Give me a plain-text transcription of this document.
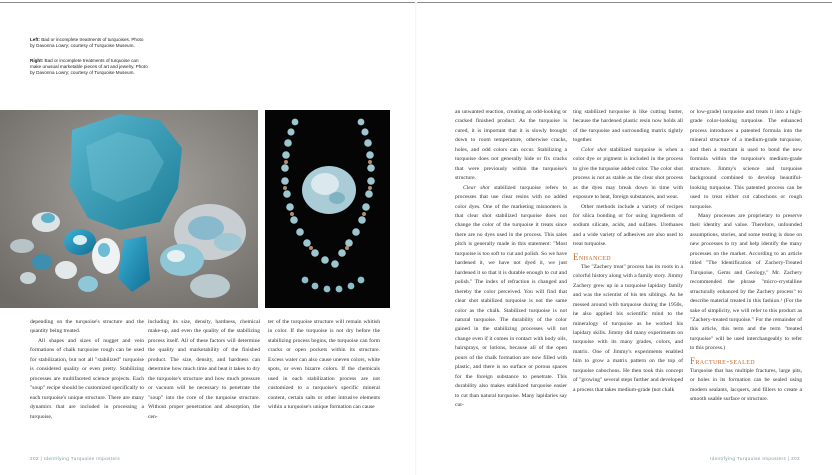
Left: Bad or incomplete treatments of turquoises. Photo by Davonna Lowry; courtesy of Turquoise Museum.
Right: Bad or incomplete treatments of turquoise can make unusual marketable pieces of art and jewelry. Photo by Davonna Lowry; courtesy of Turquoise Museum.

depending on the turquoise's structure and the quantity being treated.

All shapes and sizes of nugget and vein formations of chalk turquoise rough can be used for stabilization, but not all "stabilized" turquoise is considered quality or even pretty. Stabilizing processes are multifaceted science projects. Each "soup" recipe should be customized specifically to each turquoise's unique structure. There are many dynamics that are included in processing a turquoise,

including its size, density, hardness, chemical make-up, and even the quality of the stabilizing process itself. All of these factors will determine the quality and marketability of the finished product. The size, density, and hardness can determine how much time and heat it takes to dry the turquoise's structure and how much pressure or vacuum will be necessary to penetrate the "soup" into the core of the turquoise structure. Without proper penetration and absorption, the cen-

ter of the turquoise structure will remain whitish in color. If the turquoise is not dry before the stabilizing process begins, the turquoise can form cracks or open pockets within its structure. Excess water can also cause uneven colors, white spots, or even bizarre colors. If the chemicals used in each stabilization process are not customized to a turquoise's specific mineral content, certain salts or other intrusive elements within a turquoise's unique formation can cause

an unwanted reaction, creating an odd-looking or cracked finished product. As the turquoise is cured, it is important that it is slowly brought down to room temperature, otherwise cracks, holes, and odd colors can occur. Stabilizing a turquoise does not generally hide or fix cracks that were previously within the turquoise's structure.

Clear shot stabilized turquoise refers to processes that use clear resins with no added color dyes. One of the marketing misnomers is that clear shot stabilized turquoise does not change the color of the turquoise it treats since there are no dyes used in the process. This sales pitch is generally made in this statement: "Most turquoise is too soft to cut and polish. So we have hardened it, we have not dyed it, we just hardened it so that it is durable enough to cut and polish." The index of refraction is changed and thereby the color perceived. You will find that clear shot stabilized turquoise is not the same color as the chalk. Stabilized turquoise is not natural turquoise. The durability of the color gained in the stabilizing processes will not change even if it comes in contact with body oils, hairsprays, or lotions, because all of the open pours of the chalk formation are now filled with plastic, and there is no surface or porous spaces for the foreign substance to penetrate. This durability also makes stabilized turquoise easier to cut than natural turquoise. Many lapidaries say cut-

ting stabilized turquoise is like cutting butter, because the hardened plastic resin now holds all of the turquoise and surrounding matrix tightly together.

Color shot stabilized turquoise is when a color dye or pigment is included in the process to give the turquoise added color. The color shot process is not as stable as the clear shot process as the dyes may break down in time with exposure to heat, foreign substances, and wear.

Other methods include a variety of recipes for silica bonding or for using ingredients of sodium silicate, acids, and sulfates. Urethanes and a wide variety of adhesives are also used to treat turquoise.

Enhanced

The "Zachery treat" process has its roots in a colorful history along with a family story. Jimmy Zachery grew up in a turquoise lapidary family and was the scientist of his ten siblings. As he messed around with turquoise during the 1950s, he also applied his scientific mind to the mineralogy of turquoise as he worked his lapidary skills. Jimmy did many experiments on turquoise with its many grades, colors, and matrix. One of Jimmy's experiments enabled him to grow a matrix pattern on the top of turquoise cabochons. He then took this concept of "growing" several steps further and developed a process that takes medium-grade (not chalk

or low-grade) turquoise and treats it into a high-grade color-looking turquoise. The enhanced process introduces a patented formula into the mineral structure of a medium-grade turquoise, and then a reactant is used to bond the new formula within the turquoise's medium-grade structure. Jimmy's science and turquoise background combined to develop beautiful-looking turquoise. This patented process can be used to treat either cut cabochons or rough turquoise.

Many processes are proprietary to preserve their identity and value. Therefore, unfounded assumptions, stories, and some testing is done on new processes to try and help identify the many processes on the market. According to an article titled "The Identification of Zachery-Treated Turquoise, Gems and Geology," Mr. Zachery recommended the phrase "micro-crystalline structurally enhanced by the Zachery process" to describe material treated in this fashion.¹ (For the sake of simplicity, we will refer to this product as "Zachery-treated turquoise." For the remainder of this article, this term and the term "treated turquoise" will be used interchangeably to refer to this process.)

Fracture-sealed

Turquoise that has multiple fractures, large pits, or holes in its formation can be sealed using modern sealants, lacquers, and fillers to create a smooth usable surface or structure.

202 | Identifying Turquoise Imposters	Identifying Turquoise Imposters | 203
